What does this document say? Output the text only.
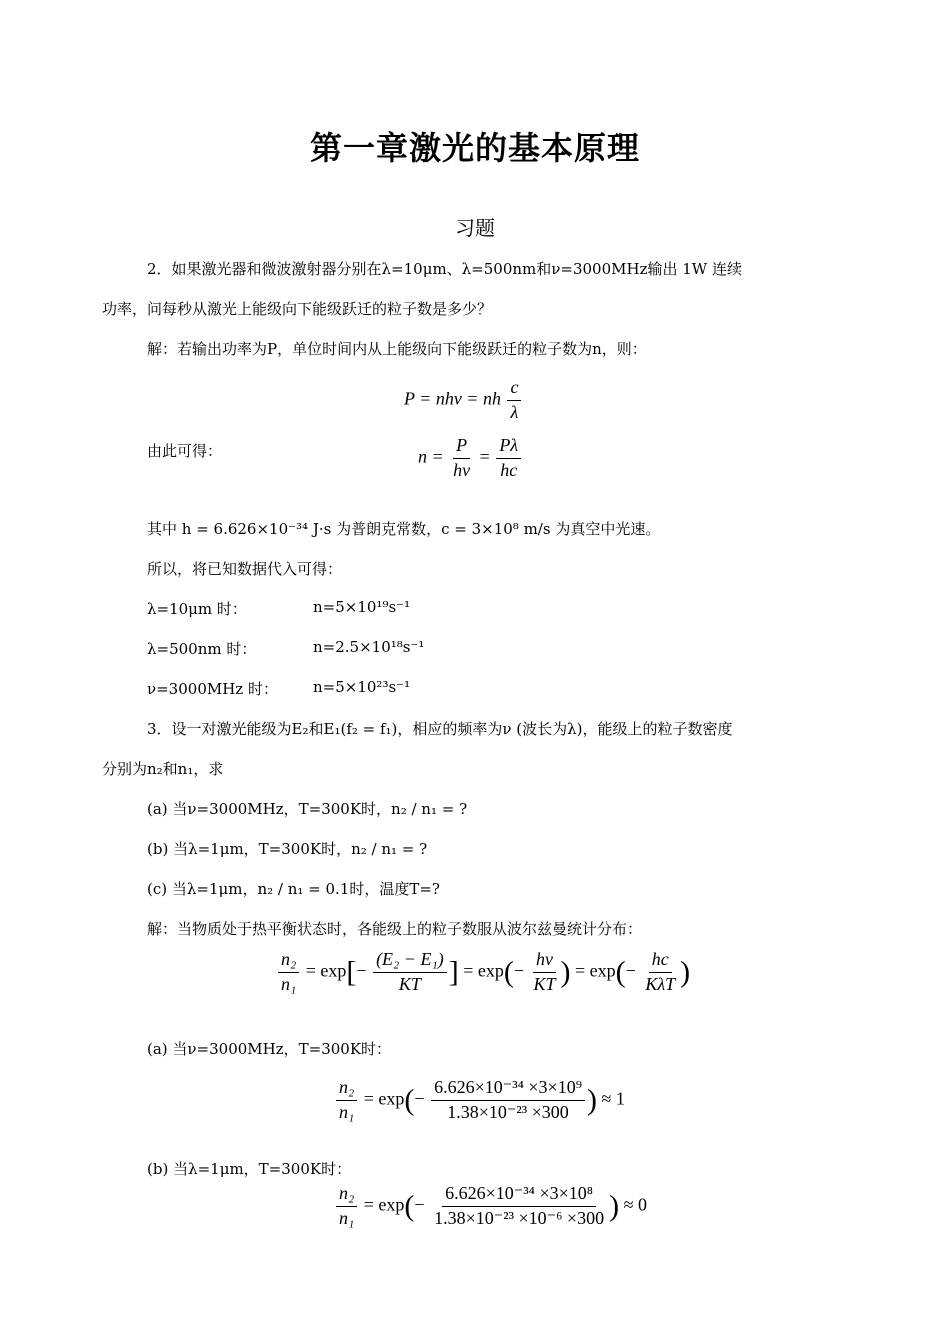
第一章激光的基本原理
习题
2．如果激光器和微波激射器分别在λ=10μm、λ=500nm和ν=3000MHz输出 1W 连续
功率，问每秒从激光上能级向下能级跃迁的粒子数是多少？
解：若输出功率为P，单位时间内从上能级向下能级跃迁的粒子数为n，则：
P = nhν = nh $\frac{c}{\lambda}$
由此可得：	$n = \frac{P}{h\nu} = \frac{P\lambda}{hc}$
其中 h = 6.626×10⁻³⁴ J·s 为普朗克常数，c = 3×10⁸ m/s 为真空中光速。
所以，将已知数据代入可得：
λ=10μm 时：	n=5×10¹⁹s⁻¹
λ=500nm 时：	n=2.5×10¹⁸s⁻¹
ν=3000MHz 时： n=5×10²³s⁻¹
3．设一对激光能级为E₂和E₁(f₂ = f₁)，相应的频率为ν (波长为λ)，能级上的粒子数密度
分别为n₂和n₁，求
(a) 当ν=3000MHz，T=300K时，n₂ / n₁ = ?
(b) 当λ=1μm，T=300K时，n₂ / n₁ = ?
(c) 当λ=1μm，n₂ / n₁ = 0.1时，温度T=?
解：当物质处于热平衡状态时，各能级上的粒子数服从波尔兹曼统计分布：
$\frac{\text{n₂}}{\text{n₁}} = \exp[- \frac{\text{(E₂ − E₁)}}{KT}$ ] = $\exp(- \frac{h\nu}{KT}$ ) = $\exp(- \frac{hc}{\text{KλT}}$ )
(a) 当ν=3000MHz，T=300K时：
$\frac{\text{n₂}}{\text{n₁}} = \exp(- \frac{\text{6.626×10⁻³⁴ ×3×10⁹}}{\text{1.38×10⁻²³ ×300}}$ ) ≈ 1
(b) 当λ=1μm，T=300K时：
$\frac{\text{n₂}}{\text{n₁}} = \exp(- \frac{\text{6.626×10⁻³⁴ ×3×10⁸}}{\text{1.38×10⁻²³ ×10⁻⁶ ×300}}$ ) ≈ 0
